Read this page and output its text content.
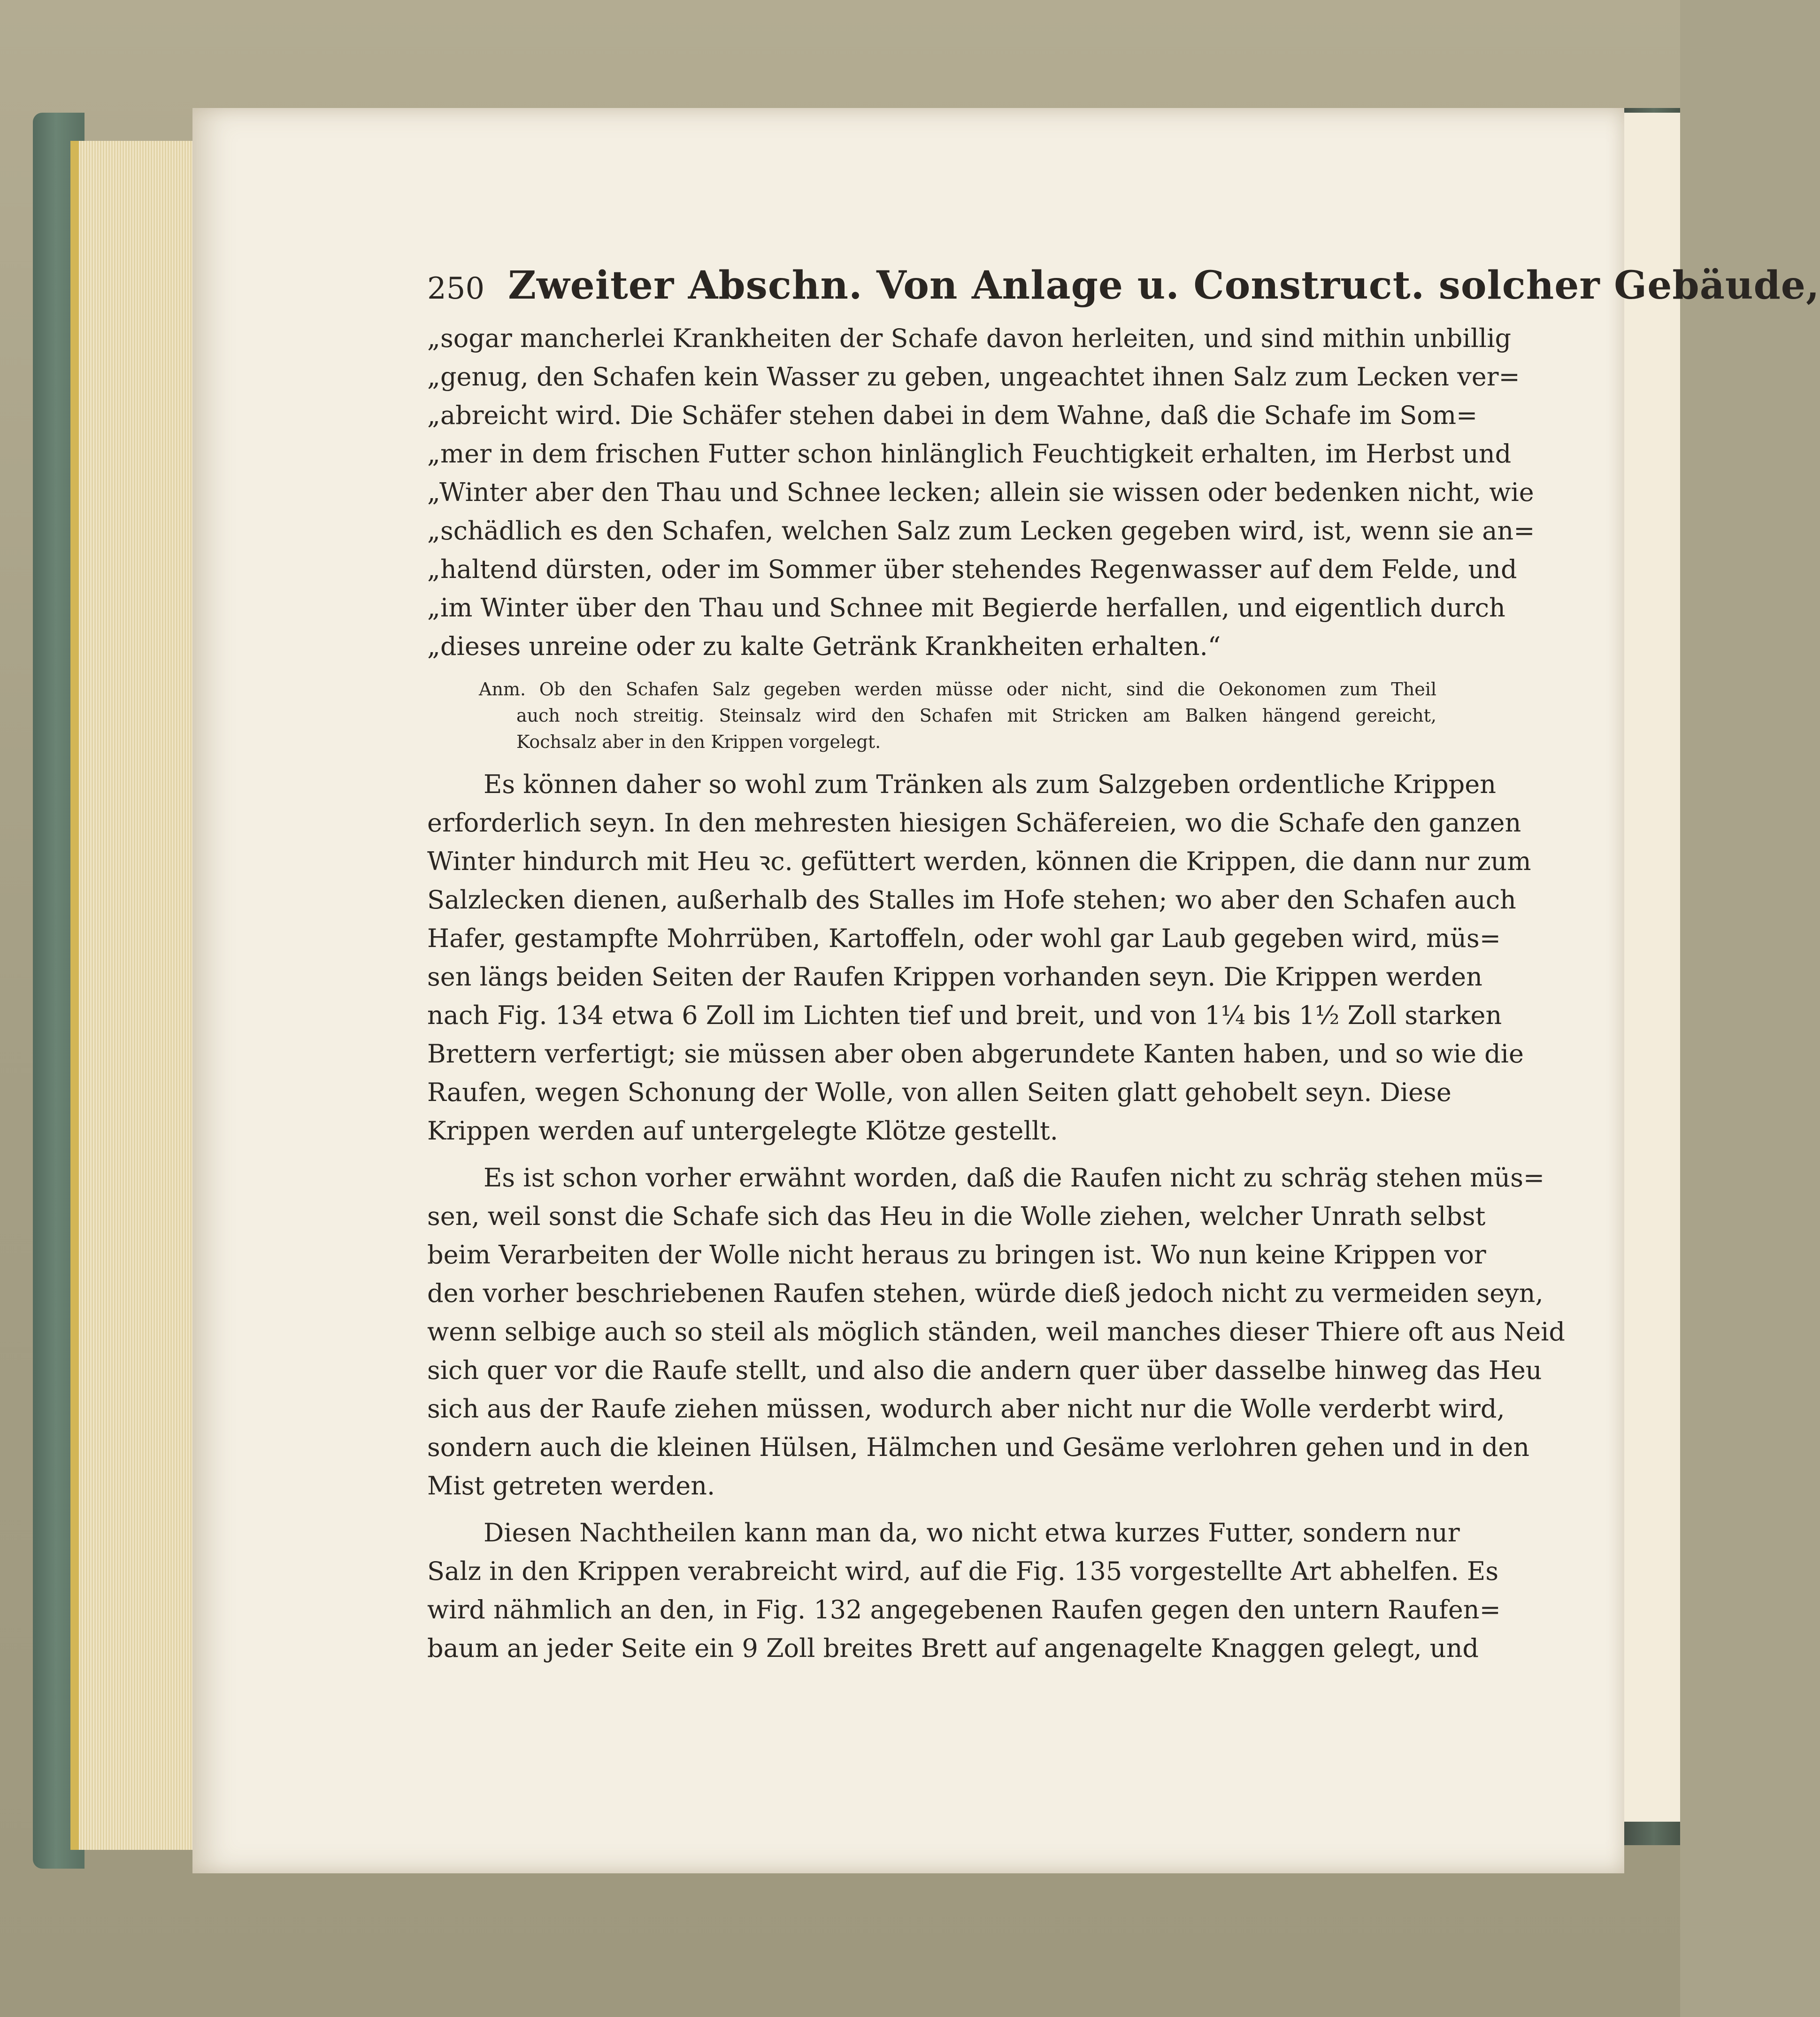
250 Zweiter Abschn. Von Anlage u. Construct. solcher Gebäude,
„sogar mancherlei Krankheiten der Schafe davon herleiten, und sind mithin unbillig
„genug, den Schafen kein Wasser zu geben, ungeachtet ihnen Salz zum Lecken ver=
„abreicht wird. Die Schäfer stehen dabei in dem Wahne, daß die Schafe im Som=
„mer in dem frischen Futter schon hinlänglich Feuchtigkeit erhalten, im Herbst und
„Winter aber den Thau und Schnee lecken; allein sie wissen oder bedenken nicht, wie
„schädlich es den Schafen, welchen Salz zum Lecken gegeben wird, ist, wenn sie an=
„haltend dürsten, oder im Sommer über stehendes Regenwasser auf dem Felde, und
„im Winter über den Thau und Schnee mit Begierde herfallen, und eigentlich durch
„dieses unreine oder zu kalte Getränk Krankheiten erhalten.“
Anm. Ob den Schafen Salz gegeben werden müsse oder nicht, sind die Oekonomen zum Theil
auch noch streitig. Steinsalz wird den Schafen mit Stricken am Balken hängend gereicht,
Kochsalz aber in den Krippen vorgelegt.
Es können daher so wohl zum Tränken als zum Salzgeben ordentliche Krippen
erforderlich seyn. In den mehresten hiesigen Schäfereien, wo die Schafe den ganzen
Winter hindurch mit Heu ꝛc. gefüttert werden, können die Krippen, die dann nur zum
Salzlecken dienen, außerhalb des Stalles im Hofe stehen; wo aber den Schafen auch
Hafer, gestampfte Mohrrüben, Kartoffeln, oder wohl gar Laub gegeben wird, müs=
sen längs beiden Seiten der Raufen Krippen vorhanden seyn. Die Krippen werden
nach Fig. 134 etwa 6 Zoll im Lichten tief und breit, und von 1¼ bis 1½ Zoll starken
Brettern verfertigt; sie müssen aber oben abgerundete Kanten haben, und so wie die
Raufen, wegen Schonung der Wolle, von allen Seiten glatt gehobelt seyn. Diese
Krippen werden auf untergelegte Klötze gestellt.
Es ist schon vorher erwähnt worden, daß die Raufen nicht zu schräg stehen müs=
sen, weil sonst die Schafe sich das Heu in die Wolle ziehen, welcher Unrath selbst
beim Verarbeiten der Wolle nicht heraus zu bringen ist. Wo nun keine Krippen vor
den vorher beschriebenen Raufen stehen, würde dieß jedoch nicht zu vermeiden seyn,
wenn selbige auch so steil als möglich ständen, weil manches dieser Thiere oft aus Neid
sich quer vor die Raufe stellt, und also die andern quer über dasselbe hinweg das Heu
sich aus der Raufe ziehen müssen, wodurch aber nicht nur die Wolle verderbt wird,
sondern auch die kleinen Hülsen, Hälmchen und Gesäme verlohren gehen und in den
Mist getreten werden.
Diesen Nachtheilen kann man da, wo nicht etwa kurzes Futter, sondern nur
Salz in den Krippen verabreicht wird, auf die Fig. 135 vorgestellte Art abhelfen. Es
wird nähmlich an den, in Fig. 132 angegebenen Raufen gegen den untern Raufen=
baum an jeder Seite ein 9 Zoll breites Brett auf angenagelte Knaggen gelegt, und
